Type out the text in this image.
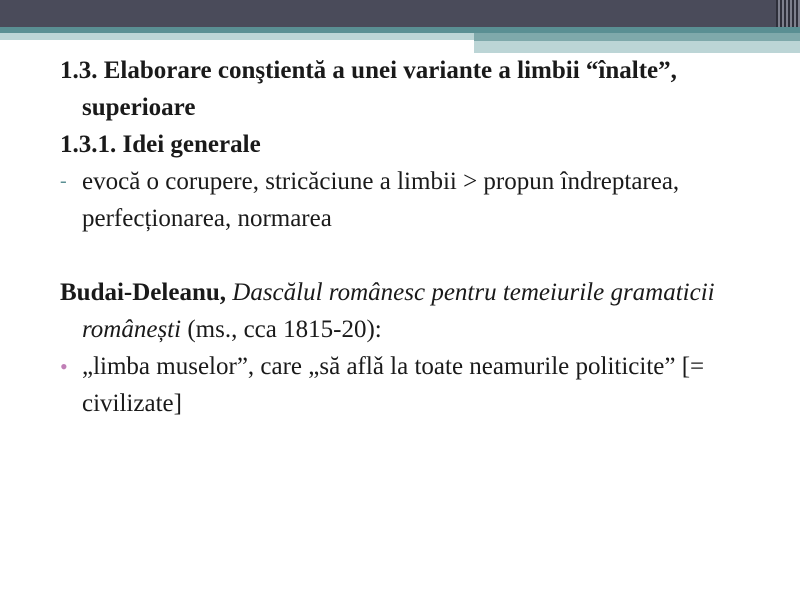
1.3. Elaborare conştientă a unei variante a limbii “înalte”, superioare

1.3.1. Idei generale

- evocă o corupere, stricăciune a limbii > propun îndreptarea, perfecționarea, normarea

Budai-Deleanu, Dascălul românesc pentru temeiurile gramaticii românești (ms., cca 1815-20):

• „limba muselor”, care „să aflǎ la toate neamurile politicite” [= civilizate]
